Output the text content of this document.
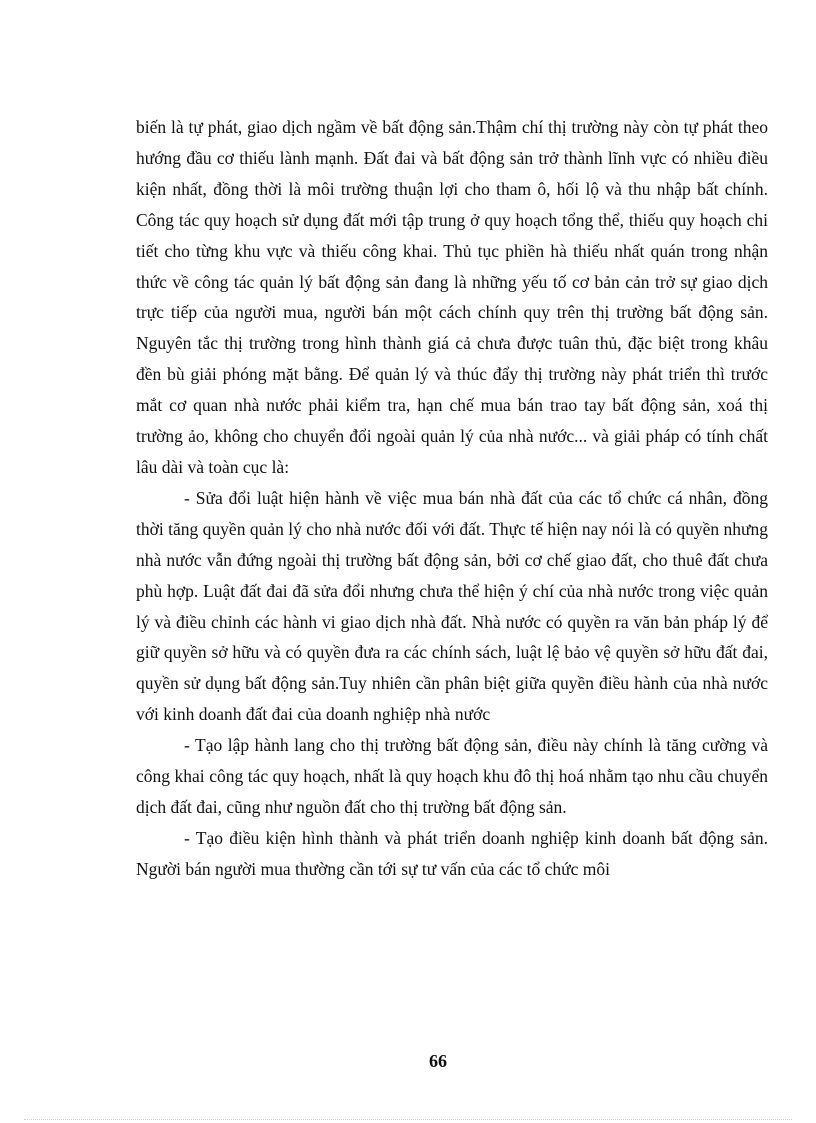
biến là tự phát, giao dịch ngầm về bất động sản.Thậm chí thị trường này còn tự phát theo hướng đầu cơ thiếu lành mạnh. Đất đai và bất động sản trở thành lĩnh vực có nhiều điều kiện nhất, đồng thời là môi trường thuận lợi cho tham ô, hối lộ và thu nhập bất chính. Công tác quy hoạch sử dụng đất mới tập trung ở quy hoạch tổng thể, thiếu quy hoạch chi tiết cho từng khu vực và thiếu công khai. Thủ tục phiền hà thiếu nhất quán trong nhận thức về công tác quản lý bất động sản đang là những yếu tố cơ bản cản trở sự giao dịch trực tiếp của người mua, người bán một cách chính quy trên thị trường bất động sản. Nguyên tắc thị trường trong hình thành giá cả chưa được tuân thủ, đặc biệt trong khâu đền bù giải phóng mặt bằng. Để quản lý và thúc đẩy thị trường này phát triển thì trước mắt cơ quan nhà nước phải kiểm tra, hạn chế mua bán trao tay bất động sản, xoá thị trường ảo, không cho chuyển đổi ngoài quản lý của nhà nước... và giải pháp có tính chất lâu dài và toàn cục là:

- Sửa đổi luật hiện hành về việc mua bán nhà đất của các tổ chức cá nhân, đồng thời tăng quyền quản lý cho nhà nước đối với đất. Thực tế hiện nay nói là có quyền nhưng nhà nước vẫn đứng ngoài thị trường bất động sản, bởi cơ chế giao đất, cho thuê đất chưa phù hợp. Luật đất đai đã sửa đổi nhưng chưa thể hiện ý chí của nhà nước trong việc quản lý và điều chỉnh các hành vi giao dịch nhà đất. Nhà nước có quyền ra văn bản pháp lý để giữ quyền sở hữu và có quyền đưa ra các chính sách, luật lệ bảo vệ quyền sở hữu đất đai, quyền sử dụng bất động sản.Tuy nhiên cần phân biệt giữa quyền điều hành của nhà nước với kinh doanh đất đai của doanh nghiệp nhà nước

- Tạo lập hành lang cho thị trường bất động sản, điều này chính là tăng cường và công khai công tác quy hoạch, nhất là quy hoạch khu đô thị hoá nhằm tạo nhu cầu chuyển dịch đất đai, cũng như nguồn đất cho thị trường bất động sản.

- Tạo điều kiện hình thành và phát triển doanh nghiệp kinh doanh bất động sản. Người bán người mua thường cần tới sự tư vấn của các tổ chức môi

66
